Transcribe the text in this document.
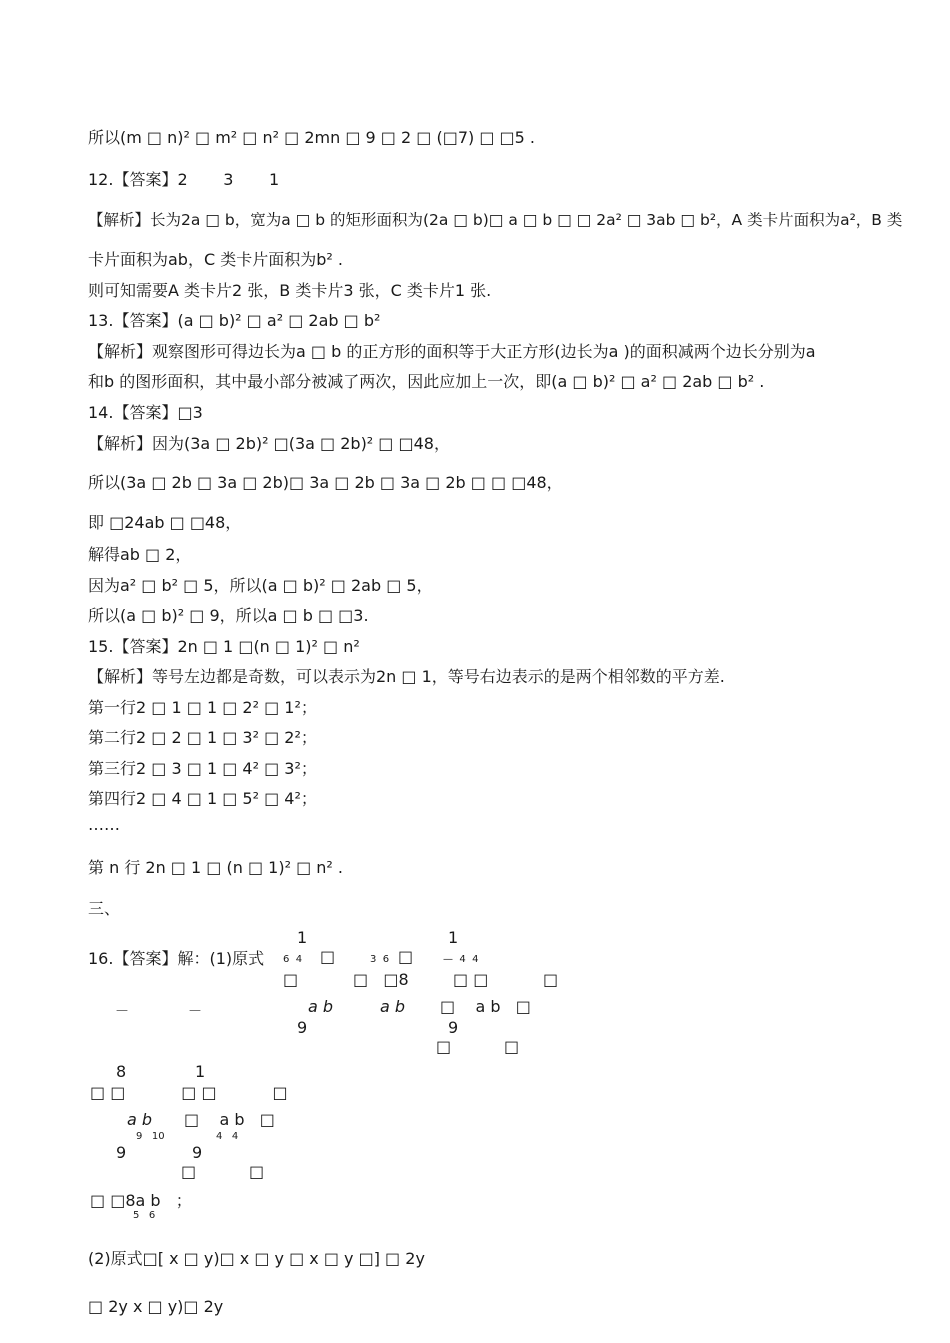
所以(m □ n)² □ m² □ n² □ 2mn □ 9 □ 2 □ (□7) □ □5 .
12.【答案】2       3       1
【解析】长为2a □ b，宽为a □ b 的矩形面积为(2a □ b)□ a □ b □ □ 2a² □ 3ab □ b²，A 类卡片面积为a²，B 类
卡片面积为ab，C 类卡片面积为b² .
则可知需要A 类卡片2 张，B 类卡片3 张，C 类卡片1 张.
13.【答案】(a □ b)² □ a² □ 2ab □ b²
【解析】观察图形可得边长为a □ b 的正方形的面积等于大正方形(边长为a )的面积减两个边长分别为a
和b 的图形面积，其中最小部分被减了两次，因此应加上一次，即(a □ b)² □ a² □ 2ab □ b² .
14.【答案】□3
【解析】因为(3a □ 2b)² □(3a □ 2b)² □ □48，
所以(3a □ 2b □ 3a □ 2b)□ 3a □ 2b □ 3a □ 2b □ □ □48，
即 □24ab □ □48，
解得ab □ 2，
因为a² □ b² □ 5，所以(a □ b)² □ 2ab □ 5，
所以(a □ b)² □ 9，所以a □ b □ □3.
15.【答案】2n □ 1 □(n □ 1)² □ n²
【解析】等号左边都是奇数，可以表示为2n □ 1，等号右边表示的是两个相邻数的平方差.
第一行2 □ 1 □ 1 □ 2² □ 1²；
第二行2 □ 2 □ 1 □ 3² □ 2²；
第三行2 □ 3 □ 1 □ 4² □ 3²；
第四行2 □ 4 □ 1 □ 5² □ 4²；
……
第 n 行 2n □ 1 □ (n □ 1)² □ n² .
三、
16.【答案】解：(1)原式
1	1
6  4 □	3  6 □	—  4  4
□	□   □8	□ □	□
—	—	a b	a b □    a b   □
9	9
□	□
8	1
□ □           □ □           □
a b □    a b   □
9   10	4   4
9	9
□	□
□ □8a b   ；
5   6
(2)原式□[ x □ y)□ x □ y □ x □ y □] □ 2y
□ 2y x □ y)□ 2y
